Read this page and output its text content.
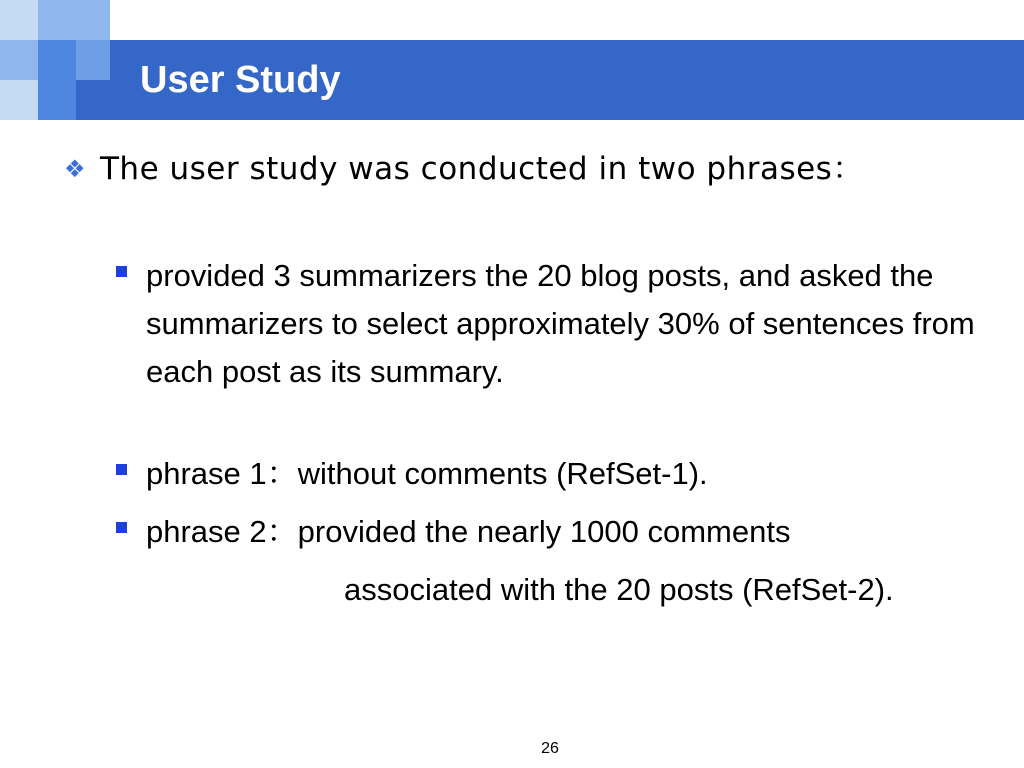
User Study
❖ The user study was conducted in two phrases：
provided 3 summarizers the 20 blog posts, and asked the summarizers to select approximately 30% of sentences from each post as its summary.
phrase 1：without comments (RefSet-1).
phrase 2：provided the nearly 1000 comments
associated with the 20 posts (RefSet-2).
26
